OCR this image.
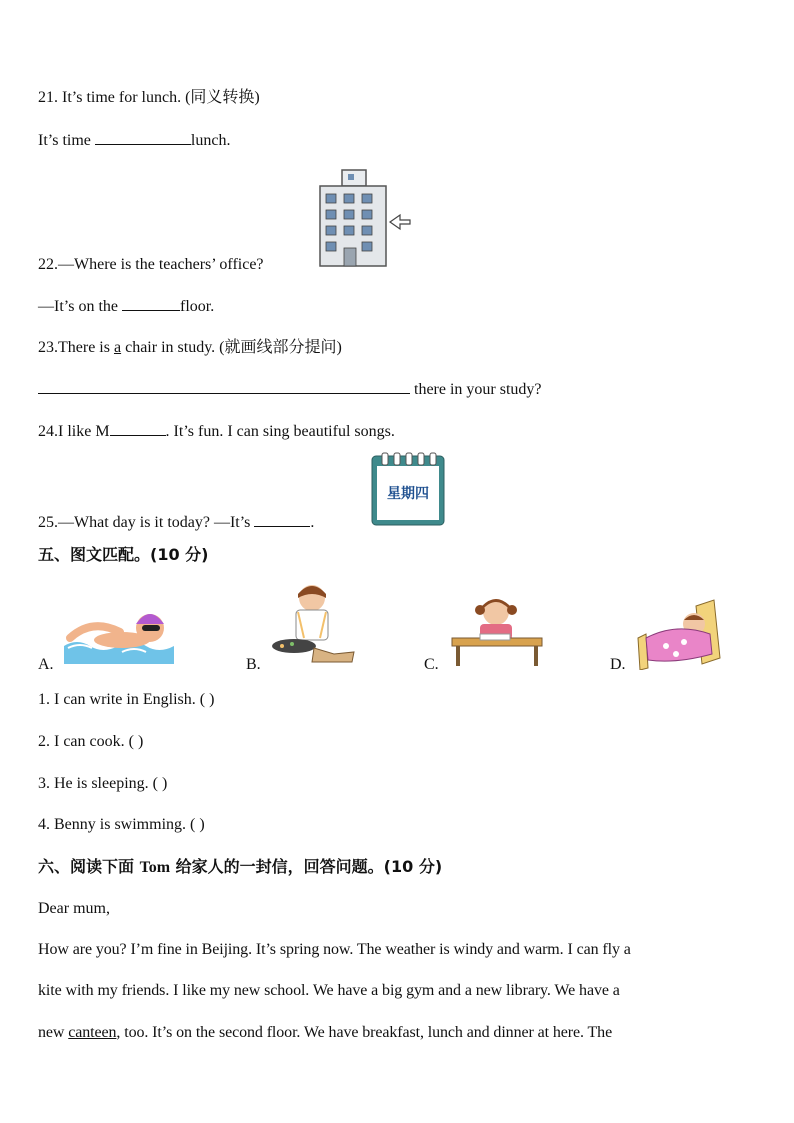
21. It’s time for lunch. (同义转换)
It’s time	lunch.
22.—Where is the teachers’ office?
—It’s on the	floor.
23.There is a chair in study. (就画线部分提问)
there in your study?
24.I like M	. It’s fun. I can sing beautiful songs.
星期四
25.—What day is it today? —It’s	.
五、图文匹配。(10 分)
A.	B.	C.	D.
1. I can write in English. ( )
2. I can cook. ( )
3. He is sleeping. ( )
4. Benny is swimming. ( )
六、阅读下面 Tom 给家人的一封信，回答问题。(10 分)
Dear mum,
How are you? I’m fine in Beijing. It’s spring now. The weather is windy and warm. I can fly a
kite with my friends. I like my new school. We have a big gym and a new library. We have a
new canteen, too. It’s on the second floor. We have breakfast, lunch and dinner at here. The
